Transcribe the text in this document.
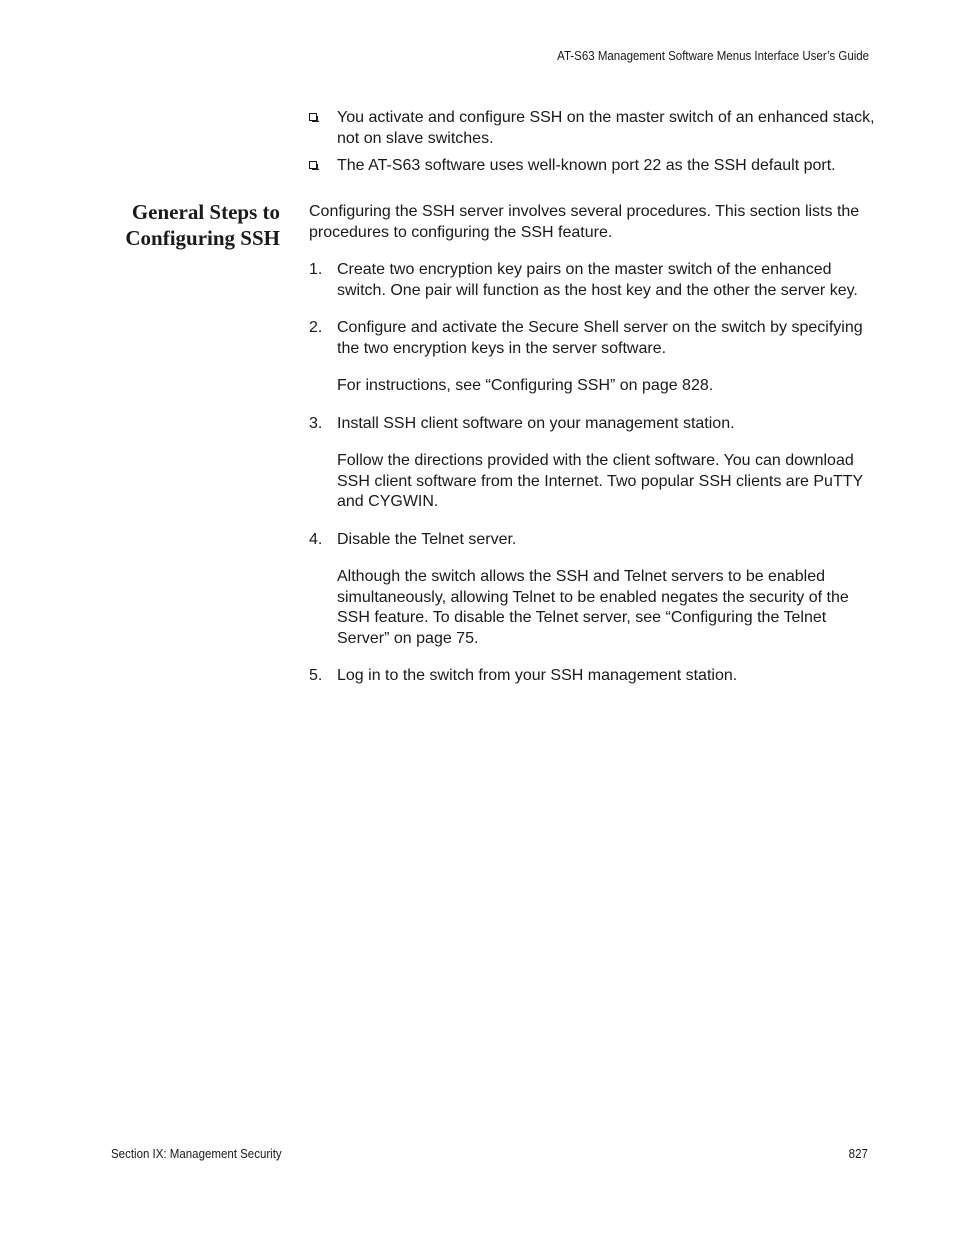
AT-S63 Management Software Menus Interface User’s Guide
You activate and configure SSH on the master switch of an enhanced stack, not on slave switches.
The AT-S63 software uses well-known port 22 as the SSH default port.
General Steps to
Configuring SSH

Configuring the SSH server involves several procedures. This section lists the procedures to configuring the SSH feature.

1. Create two encryption key pairs on the master switch of the enhanced switch. One pair will function as the host key and the other the server key.

2. Configure and activate the Secure Shell server on the switch by specifying the two encryption keys in the server software.

For instructions, see “Configuring SSH” on page 828.

3. Install SSH client software on your management station.

Follow the directions provided with the client software. You can download SSH client software from the Internet. Two popular SSH clients are PuTTY and CYGWIN.

4. Disable the Telnet server.

Although the switch allows the SSH and Telnet servers to be enabled simultaneously, allowing Telnet to be enabled negates the security of the SSH feature. To disable the Telnet server, see “Configuring the Telnet Server” on page 75.

5. Log in to the switch from your SSH management station.

Section IX: Management Security	827
